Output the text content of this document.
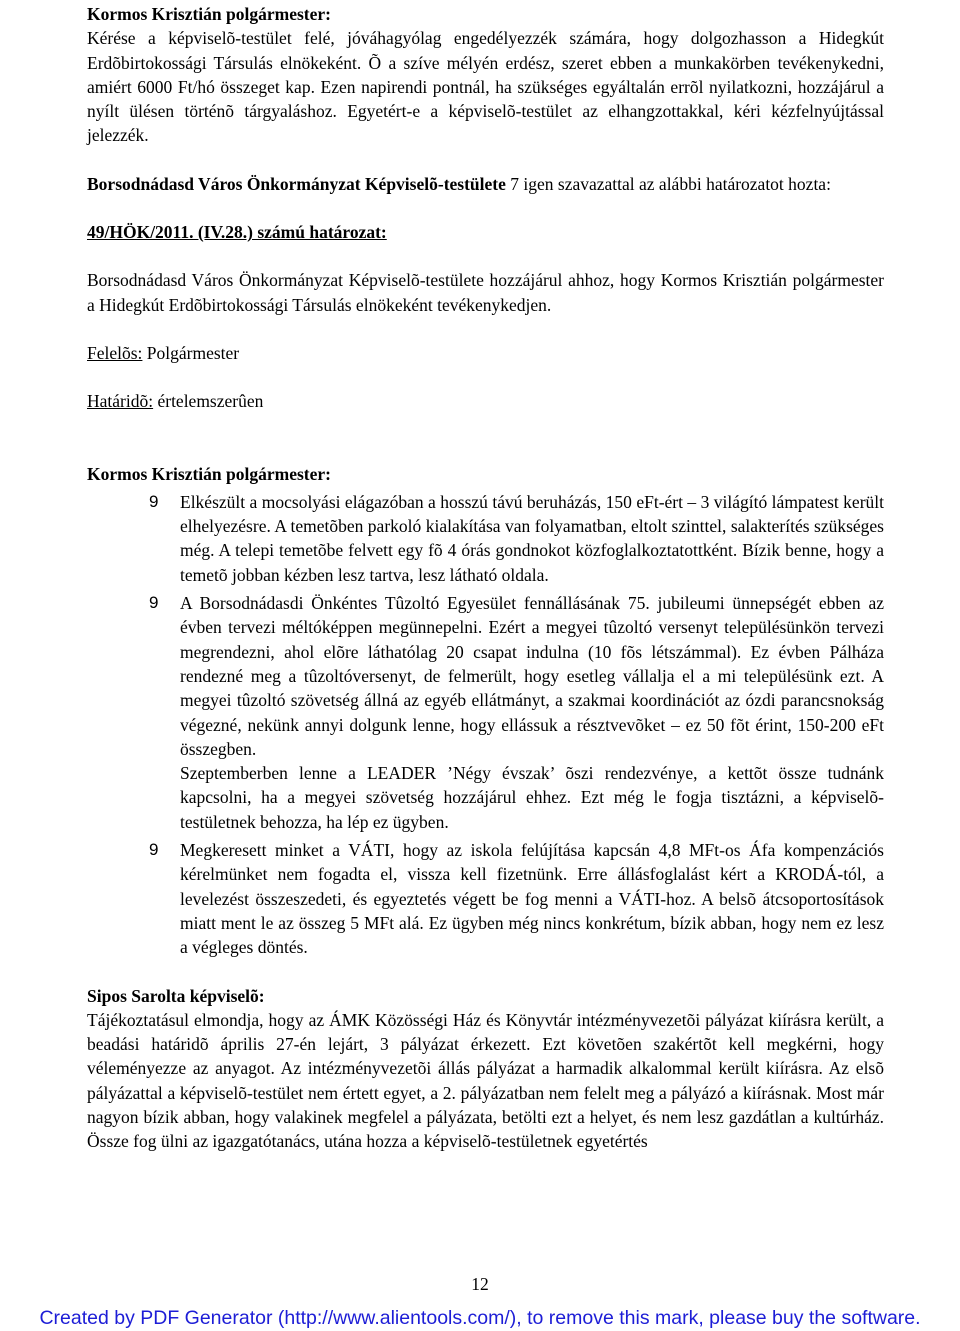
Kormos Krisztián polgármester:

Kérése a képviselõ-testület felé, jóváhagyólag engedélyezzék számára, hogy dolgozhasson a Hidegkút Erdõbirtokossági Társulás elnökeként. Õ a szíve mélyén erdész, szeret ebben a munkakörben tevékenykedni, amiért 6000 Ft/hó összeget kap. Ezen napirendi pontnál, ha szükséges egyáltalán errõl nyilatkozni, hozzájárul a nyílt ülésen történõ tárgyaláshoz. Egyetért-e a képviselõ-testület az elhangzottakkal, kéri kézfelnyújtással jelezzék.

Borsodnádasd Város Önkormányzat Képviselõ-testülete 7 igen szavazattal az alábbi határozatot hozta:

49/HÖK/2011. (IV.28.) számú határozat:

Borsodnádasd Város Önkormányzat Képviselõ-testülete hozzájárul ahhoz, hogy Kormos Krisztián polgármester a Hidegkút Erdõbirtokossági Társulás elnökeként tevékenykedjen.

Felelõs: Polgármester

Határidõ: értelemszerûen

Kormos Krisztián polgármester:

9 Elkészült a mocsolyási elágazóban a hosszú távú beruházás, 150 eFt-ért – 3 világító lámpatest került elhelyezésre. A temetõben parkoló kialakítása van folyamatban, eltolt szinttel, salakterítés szükséges még. A telepi temetõbe felvett egy fõ 4 órás gondnokot közfoglalkoztatottként. Bízik benne, hogy a temetõ jobban kézben lesz tartva, lesz látható oldala.

9 A Borsodnádasdi Önkéntes Tûzoltó Egyesület fennállásának 75. jubileumi ünnepségét ebben az évben tervezi méltóképpen megünnepelni. Ezért a megyei tûzoltó versenyt településünkön tervezi megrendezni, ahol elõre láthatólag 20 csapat indulna (10 fõs létszámmal). Ez évben Pálháza rendezné meg a tûzoltóversenyt, de felmerült, hogy esetleg vállalja el a mi településünk ezt. A megyei tûzoltó szövetség állná az egyéb ellátmányt, a szakmai koordinációt az ózdi parancsnokság végezné, nekünk annyi dolgunk lenne, hogy ellássuk a résztvevõket – ez 50 fõt érint, 150-200 eFt összegben.

Szeptemberben lenne a LEADER ’Négy évszak’ õszi rendezvénye, a kettõt össze tudnánk kapcsolni, ha a megyei szövetség hozzájárul ehhez. Ezt még le fogja tisztázni, a képviselõ-testületnek behozza, ha lép ez ügyben.

9 Megkeresett minket a VÁTI, hogy az iskola felújítása kapcsán 4,8 MFt-os Áfa kompenzációs kérelmünket nem fogadta el, vissza kell fizetnünk. Erre állásfoglalást kért a KRODÁ-tól, a levelezést összeszedeti, és egyeztetés végett be fog menni a VÁTI-hoz. A belsõ átcsoportosítások miatt ment le az összeg 5 MFt alá. Ez ügyben még nincs konkrétum, bízik abban, hogy nem ez lesz a végleges döntés.

Sipos Sarolta képviselõ:

Tájékoztatásul elmondja, hogy az ÁMK Közösségi Ház és Könyvtár intézményvezetõi pályázat kiírásra került, a beadási határidõ április 27-én lejárt, 3 pályázat érkezett. Ezt követõen szakértõt kell megkérni, hogy véleményezze az anyagot. Az intézményvezetõi állás pályázat a harmadik alkalommal került kiírásra. Az elsõ pályázattal a képviselõ-testület nem értett egyet, a 2. pályázatban nem felelt meg a pályázó a kiírásnak. Most már nagyon bízik abban, hogy valakinek megfelel a pályázata, betölti ezt a helyet, és nem lesz gazdátlan a kultúrház. Össze fog ülni az igazgatótanács, utána hozza a képviselõ-testületnek egyetértés

12
Created by PDF Generator (http://www.alientools.com/), to remove this mark, please buy the software.
